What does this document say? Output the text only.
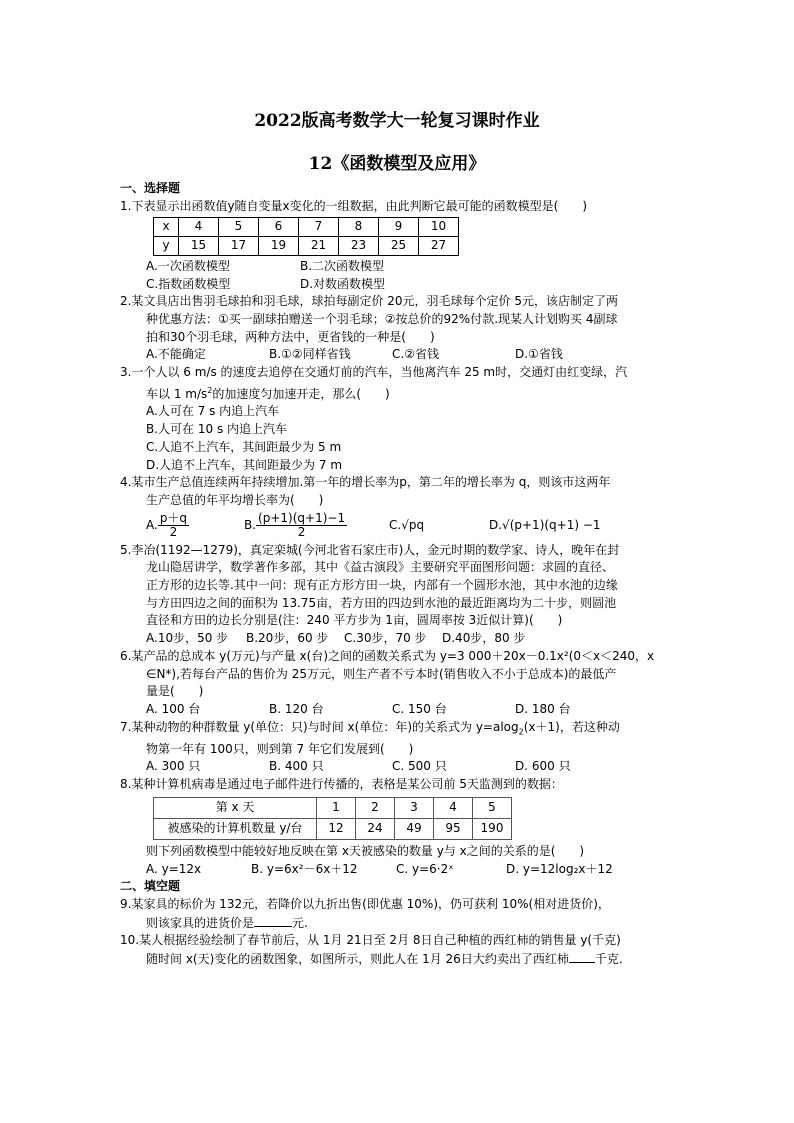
2022版高考数学大一轮复习课时作业
12《函数模型及应用》
一、选择题
1.下表显示出函数值y随自变量x变化的一组数据，由此判断它最可能的函数模型是(　　)
x	4	5	6	7	8	9	10
y	15	17	19	21	23	25	27
A.一次函数模型	B.二次函数模型
C.指数函数模型	D.对数函数模型
2.某文具店出售羽毛球拍和羽毛球，球拍每副定价 20元，羽毛球每个定价 5元，该店制定了两
种优惠方法：①买一副球拍赠送一个羽毛球；②按总价的92%付款.现某人计划购买 4副球
拍和30个羽毛球，两种方法中，更省钱的一种是(　　)
A.不能确定	B.①②同样省钱	C.②省钱	D.①省钱
3.一个人以 6 m/s 的速度去追停在交通灯前的汽车，当他离汽车 25 m时，交通灯由红变绿，汽
车以 1 $m/s^2$的加速度匀加速开走，那么(　　)
A.人可在 7 s 内追上汽车
B.人可在 10 s 内追上汽车
C.人追不上汽车，其间距最少为 5 m
D.人追不上汽车，其间距最少为 7 m
4.某市生产总值连续两年持续增加.第一年的增长率为p，第二年的增长率为 q，则该市这两年
生产总值的年平均增长率为(　　)
A. $\frac{p+q}{2}$	B. $\frac{(p+1)(q+1)-1}{2}$	C.√pq	D.√(p+1)(q+1) −1
5.李冶(1192—1279)，真定栾城(今河北省石家庄市)人，金元时期的数学家、诗人，晚年在封
龙山隐居讲学，数学著作多部，其中《益古演段》主要研究平面图形问题：求圆的直径、
正方形的边长等.其中一问：现有正方形方田一块，内部有一个圆形水池，其中水池的边缘
与方田四边之间的面积为 13.75亩，若方田的四边到水池的最近距离均为二十步，则圆池
直径和方田的边长分别是(注：240 平方步为 1亩，圆周率按 3近似计算)(　　)
A.10步，50 步	B.20步，60 步	C.30步，70 步	D.40步，80 步
6.某产品的总成本 y(万元)与产量 x(台)之间的函数关系式为 y=3 000＋20x－0.1x²(0＜x＜240，x
∈N*),若每台产品的售价为 25万元，则生产者不亏本时(销售收入不小于总成本)的最低产
量是(　　)
A. 100 台	B. 120 台	C. 150 台	D. 180 台
7.某种动物的种群数量 y(单位：只)与时间 x(单位：年)的关系式为 y=alog$_2$(x＋1)，若这种动
物第一年有 100只，则到第 7 年它们发展到(　　)
A. 300 只	B. 400 只	C. 500 只	D. 600 只
8.某种计算机病毒是通过电子邮件进行传播的，表格是某公司前 5天监测到的数据：
第 x 天	1	2	3	4	5
被感染的计算机数量 y/台	12	24	49	95	190
则下列函数模型中能较好地反映在第 x天被感染的数量 y与 x之间的关系的是(　　)
A. y=12x	B. y=6x²－6x＋12	C. y=6·2ˣ	D. y=12log₂x＋12
二、填空题
9.某家具的标价为 132元，若降价以九折出售(即优惠 10%)，仍可获利 10%(相对进货价)，
则该家具的进货价是	元.
10.某人根据经验绘制了春节前后，从 1月 21日至 2月 8日自己种植的西红柿的销售量 y(千克)
随时间 x(天)变化的函数图象，如图所示，则此人在 1月 26日大约卖出了西红柿 千克.
